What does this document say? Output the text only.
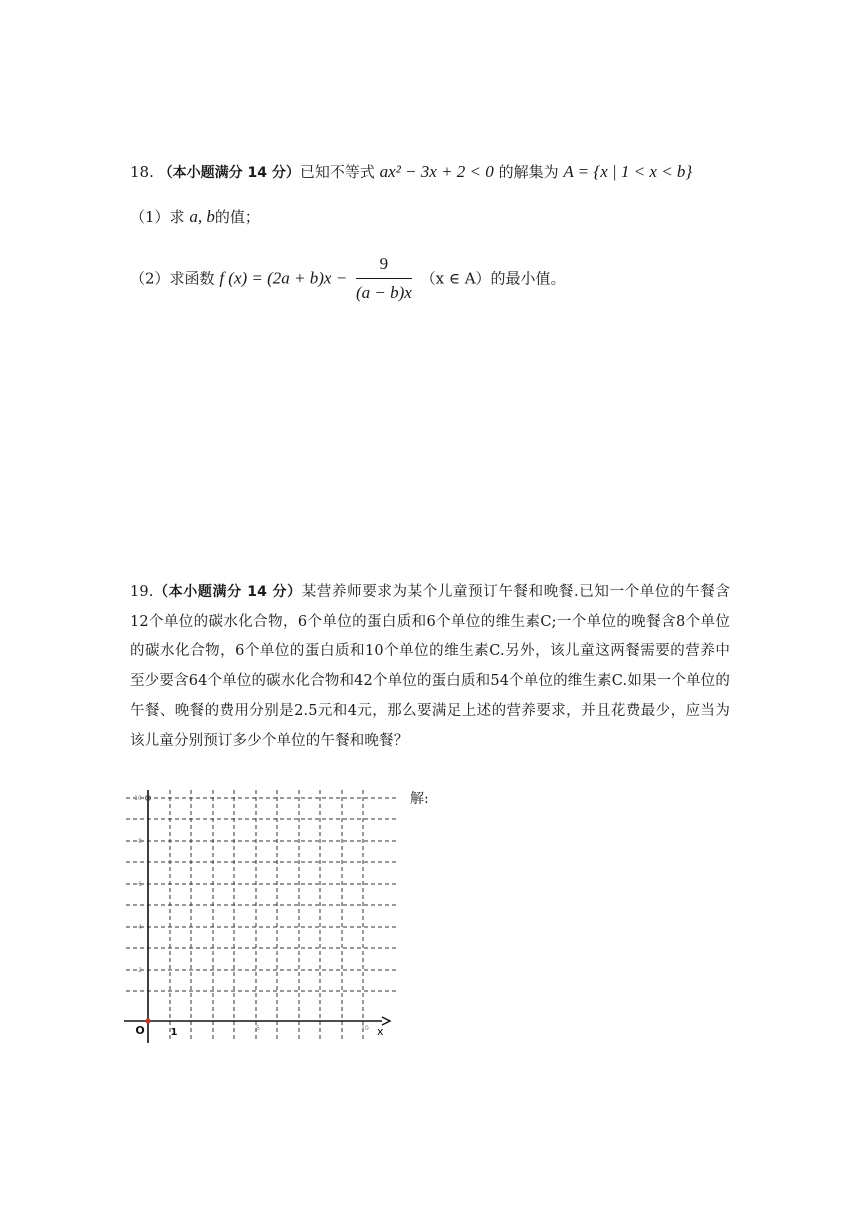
18. （本小题满分 14 分）已知不等式 ax² − 3x + 2 < 0 的解集为 A = {x | 1 < x < b}
（1）求 a, b的值；
（2）求函数 f $(x) = (2a + b)x - \frac{9}{(a - b)x} (x$ ∈ A）的最小值。
19.（本小题满分 14 分）某营养师要求为某个儿童预订午餐和晚餐.已知一个单位的午餐含12个单位的碳水化合物，6个单位的蛋白质和6个单位的维生素C;一个单位的晚餐含8个单位的碳水化合物，6个单位的蛋白质和10个单位的维生素C.另外，该儿童这两餐需要的营养中至少要含64个单位的碳水化合物和42个单位的蛋白质和54个单位的维生素C.如果一个单位的午餐、晚餐的费用分别是2.5元和4元，那么要满足上述的营养要求，并且花费最少，应当为该儿童分别预订多少个单位的午餐和晚餐？
解:
O	x
1	5	10
10
8
6
4
2
